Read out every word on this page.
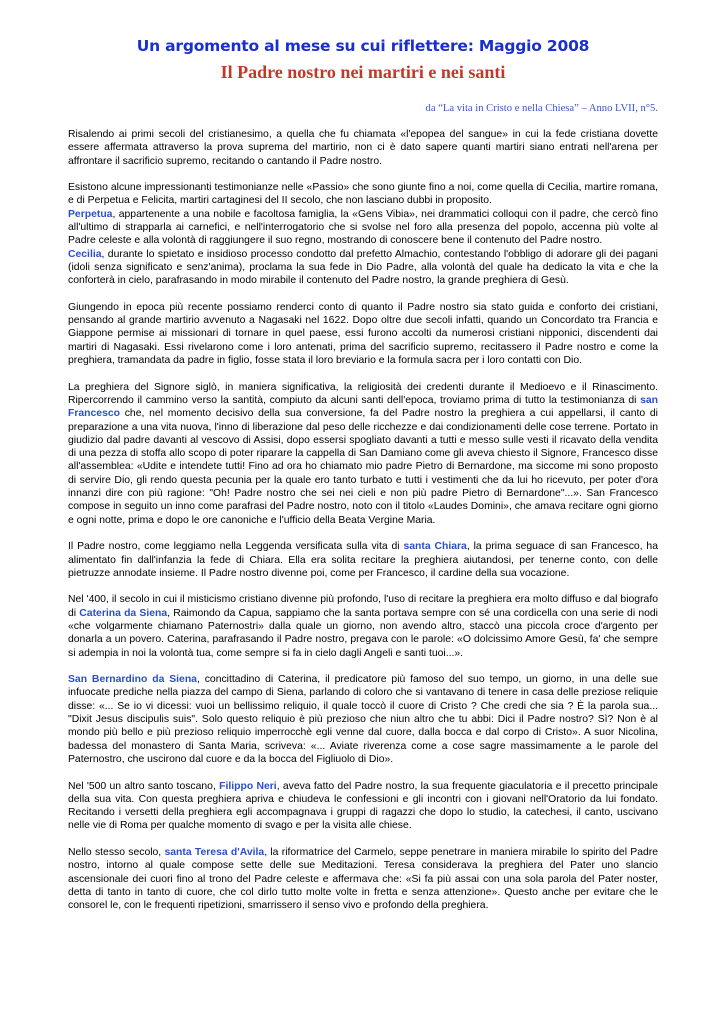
Un argomento al mese su cui riflettere: Maggio 2008
Il Padre nostro nei martiri e nei santi
da “La vita in Cristo e nella Chiesa” – Anno LVII, n°5.

Risalendo ai primi secoli del cristianesimo, a quella che fu chiamata «l'epopea del sangue» in cui la fede cristiana dovette essere affermata attraverso la prova suprema del martirio, non ci è dato sapere quanti martiri siano entrati nell'arena per affrontare il sacrificio supremo, recitando o cantando il Padre nostro.

Esistono alcune impressionanti testimonianze nelle «Passio» che sono giunte fino a noi, come quella di Cecilia, martire romana, e di Perpetua e Felicita, martiri cartaginesi del II secolo, che non lasciano dubbi in proposito.

Perpetua, appartenente a una nobile e facoltosa famiglia, la «Gens Vibia», nei drammatici colloqui con il padre, che cercò fino all'ultimo di strapparla ai carnefici, e nell'interrogatorio che si svolse nel foro alla presenza del popolo, accenna più volte al Padre celeste e alla volontà di raggiungere il suo regno, mostrando di conoscere bene il contenuto del Padre nostro.

Cecilia, durante lo spietato e insidioso processo condotto dal prefetto Almachio, contestando l'obbligo di adorare gli dei pagani (idoli senza significato e senz'anima), proclama la sua fede in Dio Padre, alla volontà del quale ha dedicato la vita e che la conforterà in cielo, parafrasando in modo mirabile il contenuto del Padre nostro, la grande preghiera di Gesù.

Giungendo in epoca più recente possiamo renderci conto di quanto il Padre nostro sia stato guida e conforto dei cristiani, pensando al grande martirio avvenuto a Nagasaki nel 1622. Dopo oltre due secoli infatti, quando un Concordato tra Francia e Giappone permise ai missionari di tornare in quel paese, essi furono accolti da numerosi cristiani nipponici, discendenti dai martiri di Nagasaki. Essi rivelarono come i loro antenati, prima del sacrificio supremo, recitassero il Padre nostro e come la preghiera, tramandata da padre in figlio, fosse stata il loro breviario e la formula sacra per i loro contatti con Dio.

La preghiera del Signore siglò, in maniera significativa, la religiosità dei credenti durante il Medioevo e il Rinascimento. Ripercorrendo il cammino verso la santità, compiuto da alcuni santi dell'epoca, troviamo prima di tutto la testimonianza di san Francesco che, nel momento decisivo della sua conversione, fa del Padre nostro la preghiera a cui appellarsi, il canto di preparazione a una vita nuova, l'inno di liberazione dal peso delle ricchezze e dai condizionamenti delle cose terrene. Portato in giudizio dal padre davanti al vescovo di Assisi, dopo essersi spogliato davanti a tutti e messo sulle vesti il ricavato della vendita di una pezza di stoffa allo scopo di poter riparare la cappella di San Damiano come gli aveva chiesto il Signore, Francesco disse all'assemblea: «Udite e intendete tutti! Fino ad ora ho chiamato mio padre Pietro di Bernardone, ma siccome mi sono proposto di servire Dio, gli rendo questa pecunia per la quale ero tanto turbato e tutti i vestimenti che da lui ho ricevuto, per poter d'ora innanzi dire con più ragione: "Oh! Padre nostro che sei nei cieli e non più padre Pietro di Bernardone"...». San Francesco compose in seguito un inno come parafrasi del Padre nostro, noto con il titolo «Laudes Domini», che amava recitare ogni giorno e ogni notte, prima e dopo le ore canoniche e l'ufficio della Beata Vergine Maria.

Il Padre nostro, come leggiamo nella Leggenda versificata sulla vita di santa Chiara, la prima seguace di san Francesco, ha alimentato fin dall'infanzia la fede di Chiara. Ella era solita recitare la preghiera aiutandosi, per tenerne conto, con delle pietruzze annodate insieme. Il Padre nostro divenne poi, come per Francesco, il cardine della sua vocazione.

Nel '400, il secolo in cui il misticismo cristiano divenne più profondo, l'uso di recitare la preghiera era molto diffuso e dal biografo di Caterina da Siena, Raimondo da Capua, sappiamo che la santa portava sempre con sé una cordicella con una serie di nodi «che volgarmente chiamano Paternostri» dalla quale un giorno, non avendo altro, staccò una piccola croce d'argento per donarla a un povero. Caterina, parafrasando il Padre nostro, pregava con le parole: «O dolcissimo Amore Gesù, fa' che sempre si adempia in noi la volontà tua, come sempre si fa in cielo dagli Angeli e santi tuoi...».

San Bernardino da Siena, concittadino di Caterina, il predicatore più famoso del suo tempo, un giorno, in una delle sue infuocate prediche nella piazza del campo di Siena, parlando di coloro che si vantavano di tenere in casa delle preziose reliquie disse: «... Se io vi dicessi: vuoi un bellissimo reliquio, il quale toccò il cuore di Cristo ? Che credi che sia ? È la parola sua... "Dixit Jesus discipulis suis". Solo questo reliquio è più prezioso che niun altro che tu abbi: Dici il Padre nostro? Sì? Non è al mondo più bello e più prezioso reliquio imperrocchè egli venne dal cuore, dalla bocca e dal corpo di Cristo». A suor Nicolina, badessa del monastero di Santa Maria, scriveva: «... Aviate riverenza come a cose sagre massimamente a le parole del Paternostro, che uscirono dal cuore e da la bocca del Figliuolo di Dio».

Nel '500 un altro santo toscano, Filippo Neri, aveva fatto del Padre nostro, la sua frequente giaculatoria e il precetto principale della sua vita. Con questa preghiera apriva e chiudeva le confessioni e gli incontri con i giovani nell'Oratorio da lui fondato. Recitando i versetti della preghiera egli accompagnava i gruppi di ragazzi che dopo lo studio, la catechesi, il canto, uscivano nelle vie di Roma per qualche momento di svago e per la visita alle chiese.

Nello stesso secolo, santa Teresa d'Avila, la riformatrice del Carmelo, seppe penetrare in maniera mirabile lo spirito del Padre nostro, intorno al quale compose sette delle sue Meditazioni. Teresa considerava la preghiera del Pater uno slancio ascensionale dei cuori fino al trono del Padre celeste e affermava che: «Si fa più assai con una sola parola del Pater noster, detta di tanto in tanto di cuore, che col dirlo tutto molte volte in fretta e senza attenzione». Questo anche per evitare che le consorel le, con le frequenti ripetizioni, smarrissero il senso vivo e profondo della preghiera.
